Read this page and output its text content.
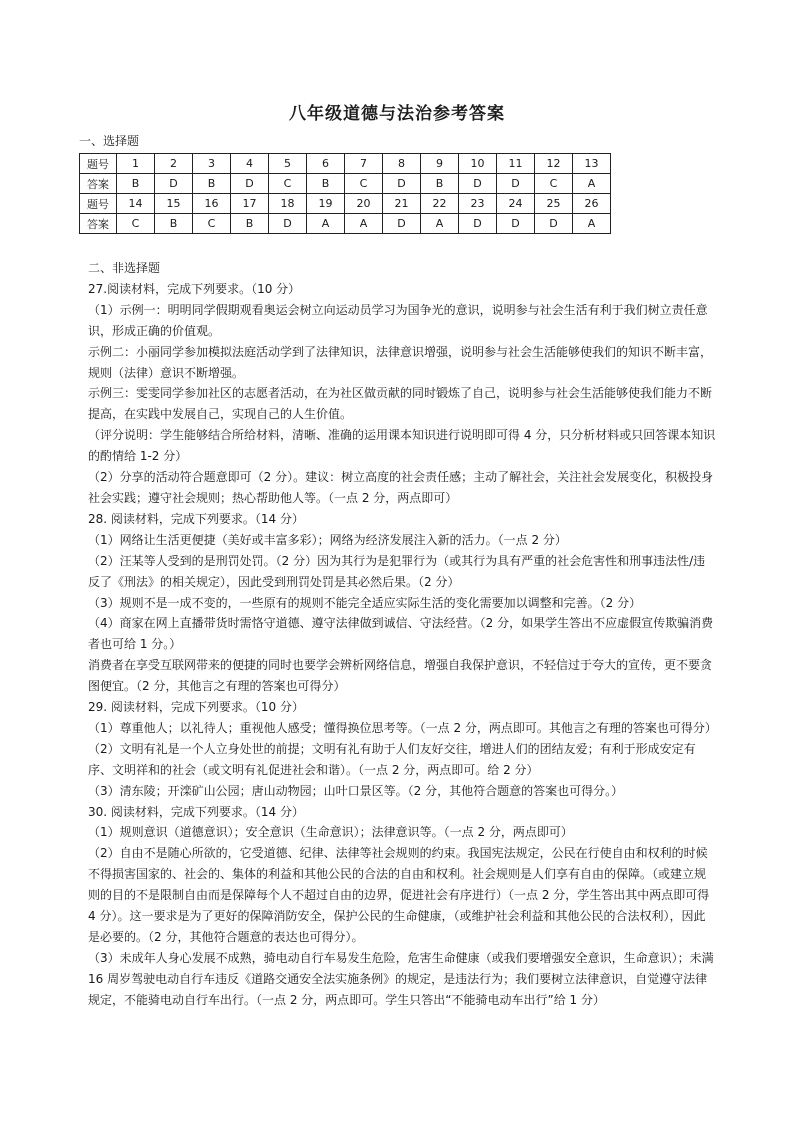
八年级道德与法治参考答案
一、选择题
题号	1	2	3	4	5	6	7	8	9	10	11	12	13
答案	B	D	B	D	C	B	C	D	B	D	D	C	A
题号	14	15	16	17	18	19	20	21	22	23	24	25	26
答案	C	B	C	B	D	A	A	D	A	D	D	D	A

二、非选择题

27.阅读材料，完成下列要求。（10 分）

（1）示例一：明明同学假期观看奥运会树立向运动员学习为国争光的意识，说明参与社会生活有利于我们树立责任意识，形成正确的价值观。

示例二：小丽同学参加模拟法庭活动学到了法律知识，法律意识增强，说明参与社会生活能够使我们的知识不断丰富，规则（法律）意识不断增强。

示例三：雯雯同学参加社区的志愿者活动，在为社区做贡献的同时锻炼了自己，说明参与社会生活能够使我们能力不断提高，在实践中发展自己，实现自己的人生价值。

（评分说明：学生能够结合所给材料，清晰、准确的运用课本知识进行说明即可得 4 分，只分析材料或只回答课本知识的酌情给 1-2 分）

（2）分享的活动符合题意即可（2 分）。建议：树立高度的社会责任感；主动了解社会，关注社会发展变化，积极投身社会实践；遵守社会规则；热心帮助他人等。（一点 2 分，两点即可）

28. 阅读材料，完成下列要求。（14 分）

（1）网络让生活更便捷（美好或丰富多彩）；网络为经济发展注入新的活力。（一点 2 分）

（2）汪某等人受到的是刑罚处罚。（2 分）因为其行为是犯罪行为（或其行为具有严重的社会危害性和刑事违法性/违反了《刑法》的相关规定），因此受到刑罚处罚是其必然后果。（2 分）

（3）规则不是一成不变的，一些原有的规则不能完全适应实际生活的变化需要加以调整和完善。（2 分）

（4）商家在网上直播带货时需恪守道德、遵守法律做到诚信、守法经营。（2 分，如果学生答出不应虚假宣传欺骗消费者也可给 1 分。）

消费者在享受互联网带来的便捷的同时也要学会辨析网络信息，增强自我保护意识，不轻信过于夸大的宣传，更不要贪图便宜。（2 分，其他言之有理的答案也可得分）

29. 阅读材料，完成下列要求。（10 分）

（1）尊重他人；以礼待人；重视他人感受；懂得换位思考等。（一点 2 分，两点即可。其他言之有理的答案也可得分）

（2）文明有礼是一个人立身处世的前提；文明有礼有助于人们友好交往，增进人们的团结友爱；有利于形成安定有序、文明祥和的社会（或文明有礼促进社会和谐）。（一点 2 分，两点即可。给 2 分）

（3）清东陵；开滦矿山公园；唐山动物园；山叶口景区等。（2 分，其他符合题意的答案也可得分。）

30. 阅读材料，完成下列要求。（14 分）

（1）规则意识（道德意识）；安全意识（生命意识）；法律意识等。（一点 2 分，两点即可）

（2）自由不是随心所欲的，它受道德、纪律、法律等社会规则的约束。我国宪法规定，公民在行使自由和权利的时候不得损害国家的、社会的、集体的利益和其他公民的合法的自由和权利。社会规则是人们享有自由的保障。（或建立规则的目的不是限制自由而是保障每个人不超过自由的边界，促进社会有序进行）（一点 2 分，学生答出其中两点即可得 4 分）。这一要求是为了更好的保障消防安全，保护公民的生命健康，（或维护社会利益和其他公民的合法权利），因此是必要的。（2 分，其他符合题意的表达也可得分）。

（3）未成年人身心发展不成熟，骑电动自行车易发生危险，危害生命健康（或我们要增强安全意识，生命意识）；未满 16 周岁驾驶电动自行车违反《道路交通安全法实施条例》的规定，是违法行为；我们要树立法律意识，自觉遵守法律规定，不能骑电动自行车出行。（一点 2 分，两点即可。学生只答出“不能骑电动车出行”给 1 分）
